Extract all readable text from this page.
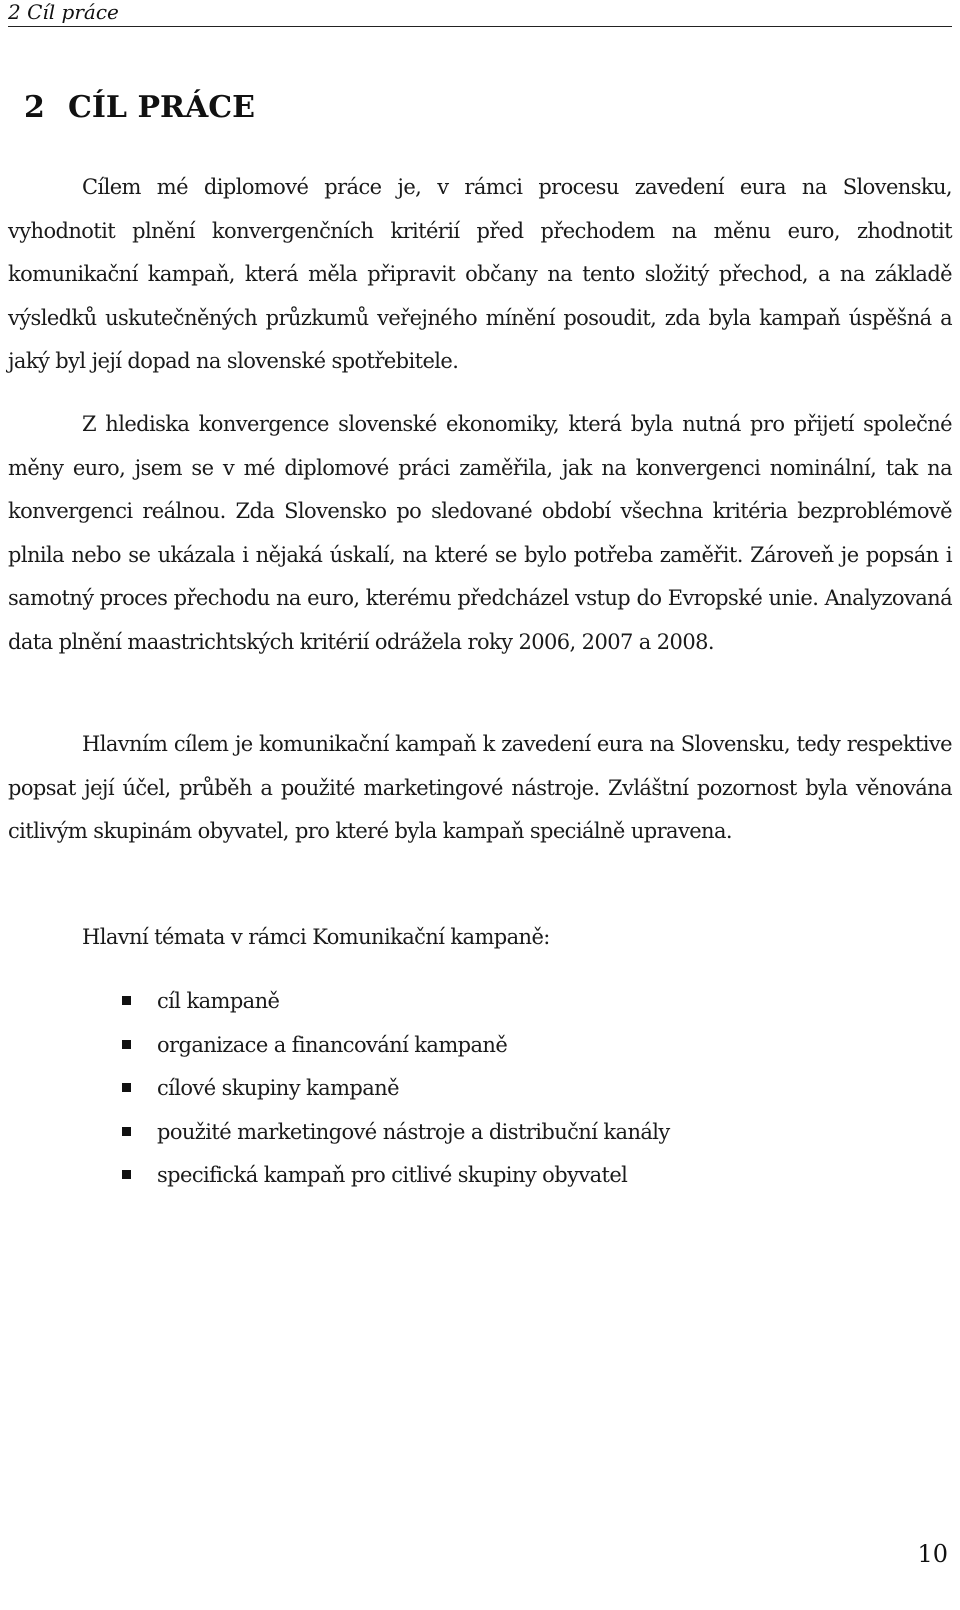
2 Cíl práce
2 CÍL PRÁCE

Cílem mé diplomové práce je, v rámci procesu zavedení eura na Slovensku, vyhodnotit plnění konvergenčních kritérií před přechodem na měnu euro, zhodnotit komunikační kampaň, která měla připravit občany na tento složitý přechod, a na základě výsledků uskutečněných průzkumů veřejného mínění posoudit, zda byla kampaň úspěšná a jaký byl její dopad na slovenské spotřebitele.

Z hlediska konvergence slovenské ekonomiky, která byla nutná pro přijetí společné měny euro, jsem se v mé diplomové práci zaměřila, jak na konvergenci nominální, tak na konvergenci reálnou. Zda Slovensko po sledované období všechna kritéria bezproblémově plnila nebo se ukázala i nějaká úskalí, na které se bylo potřeba zaměřit. Zároveň je popsán i samotný proces přechodu na euro, kterému předcházel vstup do Evropské unie. Analyzovaná data plnění maastrichtských kritérií odrážela roky 2006, 2007 a 2008.

Hlavním cílem je komunikační kampaň k zavedení eura na Slovensku, tedy respektive popsat její účel, průběh a použité marketingové nástroje. Zvláštní pozornost byla věnována citlivým skupinám obyvatel, pro které byla kampaň speciálně upravena.

Hlavní témata v rámci Komunikační kampaně:

cíl kampaně
organizace a financování kampaně
cílové skupiny kampaně
použité marketingové nástroje a distribuční kanály
specifická kampaň pro citlivé skupiny obyvatel
10
